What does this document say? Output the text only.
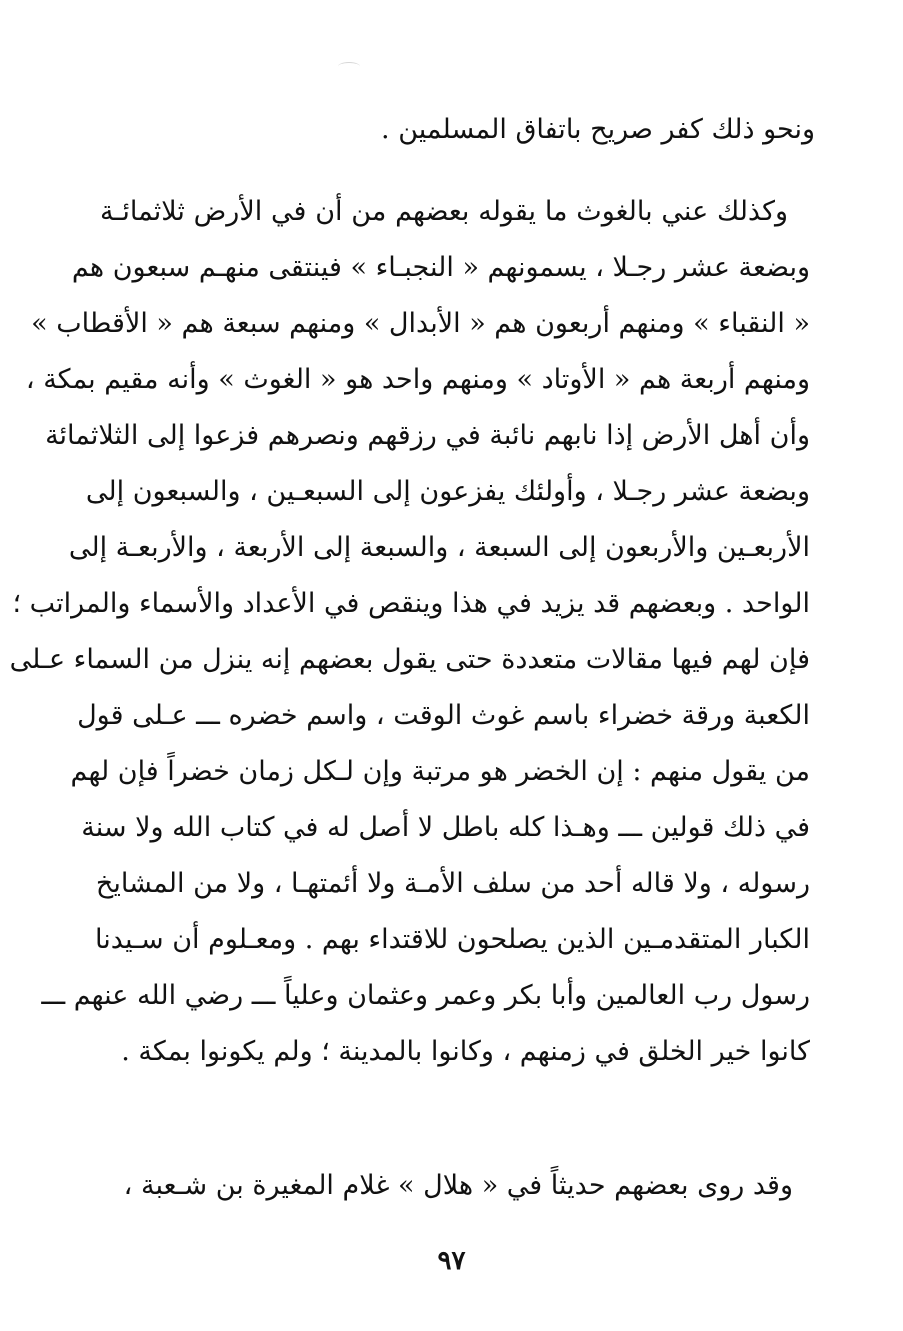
ونحو ذلك كفر صريح باتفاق المسلمين .
وكذلك عني بالغوث ما يقوله بعضهم من أن في الأرض ثلاثمائـة
وبضعة عشر رجـلا ، يسمونهم « النجبـاء » فينتقى منهـم سبعون هم
« النقباء » ومنهم أربعون هم « الأبدال » ومنهم سبعة هم « الأقطاب »
ومنهم أربعة هم « الأوتاد » ومنهم واحد هو « الغوث » وأنه مقيم بمكة ،
وأن أهل الأرض إذا نابهم نائبة في رزقهم ونصرهم فزعوا إلى الثلاثمائة
وبضعة عشر رجـلا ، وأولئك يفزعون إلى السبعـين ، والسبعون إلى
الأربعـين والأربعون إلى السبعة ، والسبعة إلى الأربعة ، والأربعـة إلى
الواحد . وبعضهم قد يزيد في هذا وينقص في الأعداد والأسماء والمراتب ؛
فإن لهم فيها مقالات متعددة حتى يقول بعضهم إنه ينزل من السماء عـلى
الكعبة ورقة خضراء باسم غوث الوقت ، واسم خضره ـــ عـلى قول
من يقول منهم : إن الخضر هو مرتبة وإن لـكل زمان خضراً فإن لهم
في ذلك قولين ـــ وهـذا كله باطل لا أصل له في كتاب الله ولا سنة
رسوله ، ولا قاله أحد من سلف الأمـة ولا أئمتهـا ، ولا من المشايخ
الكبار المتقدمـين الذين يصلحون للاقتداء بهم . ومعـلوم أن سـيدنا
رسول رب العالمين وأبا بكر وعمر وعثمان وعلياً ـــ رضي الله عنهم ـــ
كانوا خير الخلق في زمنهم ، وكانوا بالمدينة ؛ ولم يكونوا بمكة .
وقد روى بعضهم حديثاً في « هلال » غلام المغيرة بن شـعبة ،
٩٧
